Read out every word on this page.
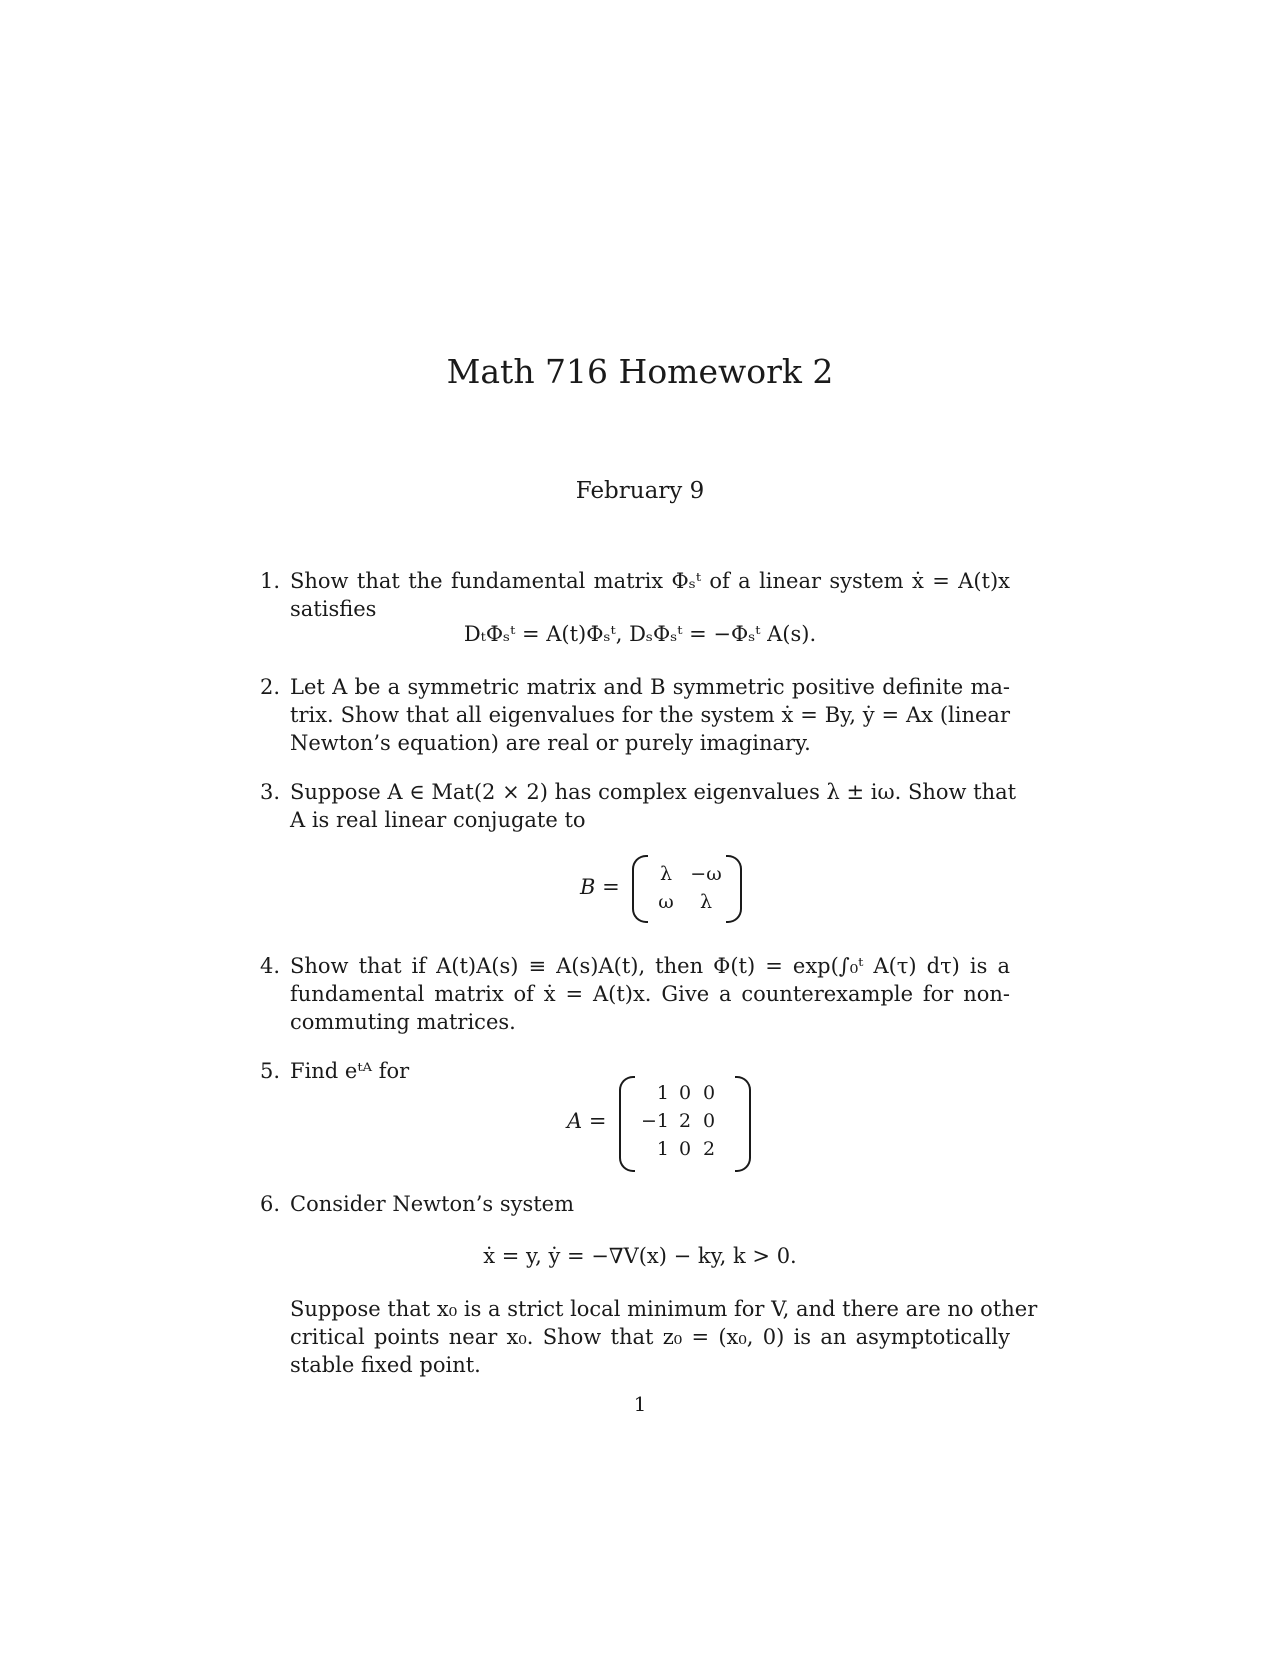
Math 716 Homework 2
February 9
1. Show that the fundamental matrix Φₛᵗ of a linear system ẋ = A(t)x
satisfies
DₜΦₛᵗ = A(t)Φₛᵗ, DₛΦₛᵗ = −Φₛᵗ A(s).
2. Let A be a symmetric matrix and B symmetric positive definite ma-
trix. Show that all eigenvalues for the system ẋ = By, ẏ = Ax (linear
Newton’s equation) are real or purely imaginary.
3. Suppose A ∈ Mat(2 × 2) has complex eigenvalues λ ± iω. Show that
A is real linear conjugate to
B =
λ −ω
ω	λ
4. Show that if A(t)A(s) ≡ A(s)A(t), then Φ(t) = exp(∫₀ᵗ A(τ) dτ) is a
fundamental matrix of ẋ = A(t)x. Give a counterexample for non-
commuting matrices.
5. Find eᵗᴬ for
A =
1 0 0
−1 2 0
1 0 2
6. Consider Newton’s system
ẋ = y, ẏ = −∇V(x) − ky, k > 0.
Suppose that x₀ is a strict local minimum for V, and there are no other
critical points near x₀. Show that z₀ = (x₀, 0) is an asymptotically
stable fixed point.
1
